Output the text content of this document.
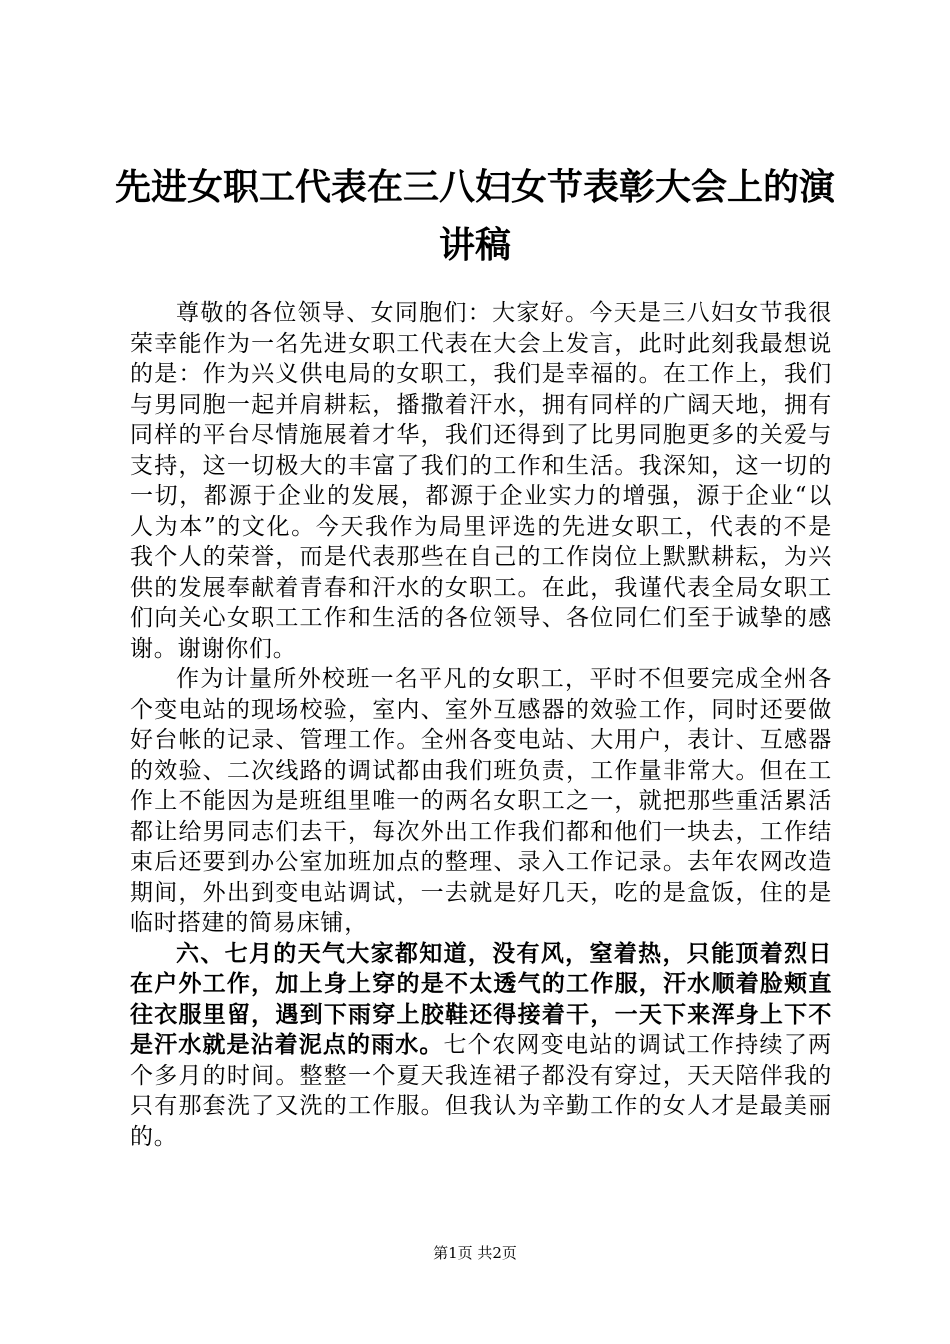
先进女职工代表在三八妇女节表彰大会上的演讲稿

尊敬的各位领导、女同胞们：大家好。今天是三八妇女节我很荣幸能作为一名先进女职工代表在大会上发言，此时此刻我最想说的是：作为兴义供电局的女职工，我们是幸福的。在工作上，我们与男同胞一起并肩耕耘，播撒着汗水，拥有同样的广阔天地，拥有同样的平台尽情施展着才华，我们还得到了比男同胞更多的关爱与支持，这一切极大的丰富了我们的工作和生活。我深知，这一切的一切，都源于企业的发展，都源于企业实力的增强，源于企业“以人为本”的文化。今天我作为局里评选的先进女职工，代表的不是我个人的荣誉，而是代表那些在自己的工作岗位上默默耕耘，为兴供的发展奉献着青春和汗水的女职工。在此，我谨代表全局女职工们向关心女职工工作和生活的各位领导、各位同仁们至于诚挚的感谢。谢谢你们。

作为计量所外校班一名平凡的女职工，平时不但要完成全州各个变电站的现场校验，室内、室外互感器的效验工作，同时还要做好台帐的记录、管理工作。全州各变电站、大用户，表计、互感器的效验、二次线路的调试都由我们班负责，工作量非常大。但在工作上不能因为是班组里唯一的两名女职工之一，就把那些重活累活都让给男同志们去干，每次外出工作我们都和他们一块去，工作结束后还要到办公室加班加点的整理、录入工作记录。去年农网改造期间，外出到变电站调试，一去就是好几天，吃的是盒饭，住的是临时搭建的简易床铺，

六、七月的天气大家都知道，没有风，窒着热，只能顶着烈日在户外工作，加上身上穿的是不太透气的工作服，汗水顺着脸颊直往衣服里留，遇到下雨穿上胶鞋还得接着干，一天下来浑身上下不是汗水就是沾着泥点的雨水。七个农网变电站的调试工作持续了两个多月的时间。整整一个夏天我连裙子都没有穿过，天天陪伴我的只有那套洗了又洗的工作服。但我认为辛勤工作的女人才是最美丽的。

第1页 共2页
